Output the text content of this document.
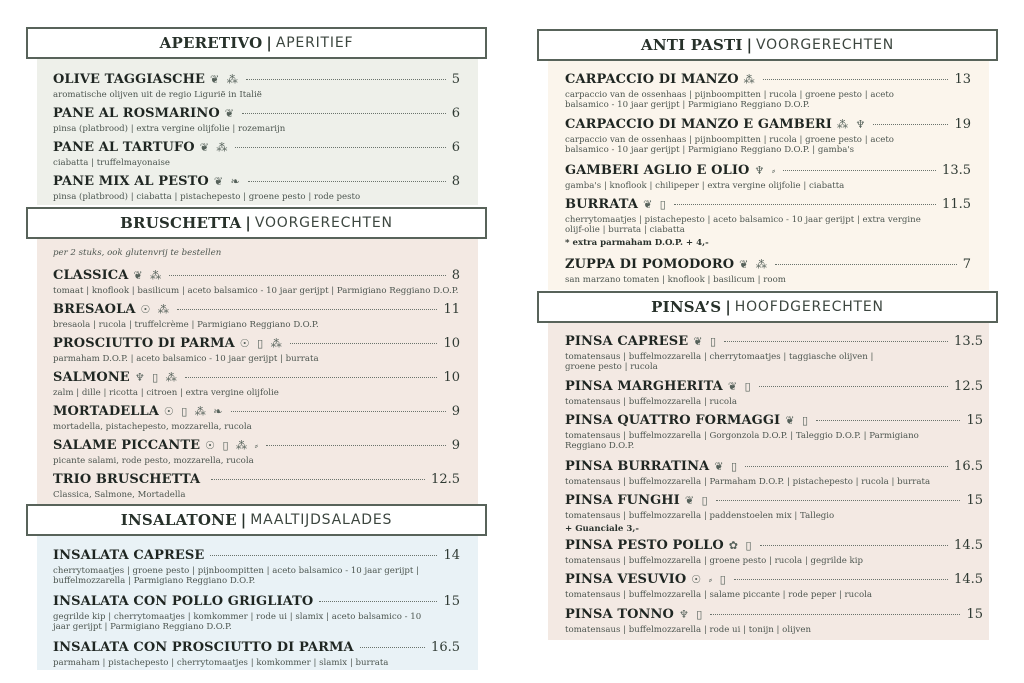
APERETIVO | APERITIEF
BRUSCHETTA | VOORGERECHTEN
INSALATONE | MAALTIJDSALADES
ANTI PASTI | VOORGERECHTEN
PINSA’S | HOOFDGERECHTEN
OLIVE TAGGIASCHE ❦ ⁂	5
aromatische olijven uit de regio Liguriё in Italiё
PANE AL ROSMARINO ❦	6
pinsa (platbrood) | extra vergine olijfolie | rozemarijn
PANE AL TARTUFO ❦ ⁂	6
ciabatta | truffelmayonaise
PANE MIX AL PESTO ❦ ❧	8
pinsa (platbrood) | ciabatta | pistachepesto | groene pesto | rode pesto
per 2 stuks, ook glutenvrij te bestellen
CLASSICA ❦ ⁂	8
tomaat | knoflook | basilicum | aceto balsamico - 10 jaar gerijpt | Parmigiano Reggiano D.O.P.
BRESAOLA ☉ ⁂	11
bresaola | rucola | truffelcrème | Parmigiano Reggiano D.O.P.
PROSCIUTTO DI PARMA ☉ ▯ ⁂	10
parmaham D.O.P. | aceto balsamico - 10 jaar gerijpt | burrata
SALMONE ♆ ▯ ⁂	10
zalm | dille | ricotta | citroen | extra vergine olijfolie
MORTADELLA ☉ ▯ ⁂ ❧	9
mortadella, pistachepesto, mozzarella, rucola
SALAME PICCANTE ☉ ▯ ⁂ ⸗	9
picante salami, rode pesto, mozzarella, rucola
TRIO BRUSCHETTA	12.5
Classica, Salmone, Mortadella
INSALATA CAPRESE	14
cherrytomaatjes | groene pesto | pijnboompitten | aceto balsamico - 10 jaar gerijpt | buffelmozzarella | Parmigiano Reggiano D.O.P.
INSALATA CON POLLO GRIGLIATO	15
gegrilde kip | cherrytomaatjes | komkommer | rode ui | slamix | aceto balsamico - 10 jaar gerijpt | Parmigiano Reggiano D.O.P.
INSALATA CON PROSCIUTTO DI PARMA	16.5
parmaham | pistachepesto | cherrytomaatjes | komkommer | slamix | burrata
CARPACCIO DI MANZO ⁂	13
carpaccio van de ossenhaas | pijnboompitten | rucola | groene pesto | aceto balsamico - 10 jaar gerijpt | Parmigiano Reggiano D.O.P.
CARPACCIO DI MANZO E GAMBERI ⁂ ♆	19
carpaccio van de ossenhaas | pijnboompitten | rucola | groene pesto | aceto balsamico - 10 jaar gerijpt | Parmigiano Reggiano D.O.P. | gamba's
GAMBERI AGLIO E OLIO ♆ ⸗	13.5
gamba's | knoflook | chilipeper | extra vergine olijfolie | ciabatta
BURRATA ❦ ▯	11.5
cherrytomaatjes | pistachepesto | aceto balsamico - 10 jaar gerijpt | extra vergine olijf-olie | burrata | ciabatta
* extra parmaham D.O.P. + 4,-
ZUPPA DI POMODORO ❦ ⁂	7
san marzano tomaten | knoflook | basilicum | room
PINSA CAPRESE ❦ ▯	13.5
tomatensaus | buffelmozzarella | cherrytomaatjes | taggiasche olijven | groene pesto | rucola
PINSA MARGHERITA ❦ ▯	12.5
tomatensaus | buffelmozzarella | rucola
PINSA QUATTRO FORMAGGI ❦ ▯	15
tomatensaus | buffelmozzarella | Gorgonzola D.O.P. | Taleggio D.O.P. | Parmigiano Reggiano D.O.P.
PINSA BURRATINA ❦ ▯	16.5
tomatensaus | buffelmozzarella | Parmaham D.O.P. | pistachepesto | rucola | burrata
PINSA FUNGHI ❦ ▯	15
tomatensaus | buffelmozzarella | paddenstoelen mix | Tallegio
+ Guanciale 3,-
PINSA PESTO POLLO ✿ ▯	14.5
tomatensaus | buffelmozzarella | groene pesto | rucola | gegrilde kip
PINSA VESUVIO ☉ ⸗ ▯	14.5
tomatensaus | buffelmozzarella | salame piccante | rode peper | rucola
PINSA TONNO ♆ ▯	15
tomatensaus | buffelmozzarella | rode ui | tonijn | olijven
